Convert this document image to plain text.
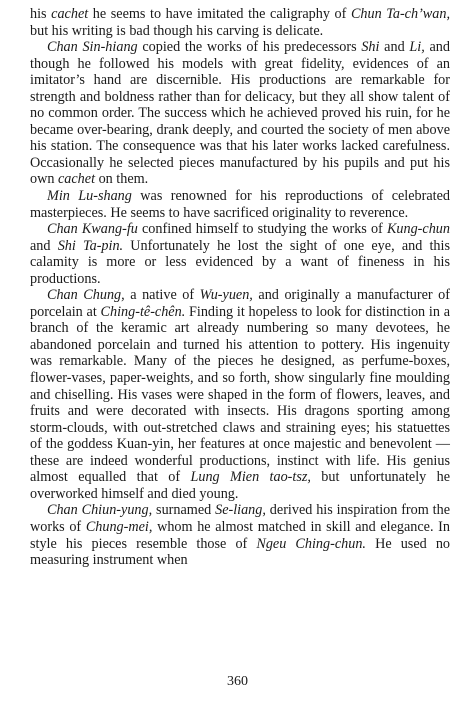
his cachet he seems to have imitated the caligraphy of Chun Ta-ch’wan, but his writing is bad though his carving is delicate.

Chan Sin-hiang copied the works of his predecessors Shi and Li, and though he followed his models with great fidelity, evidences of an imitator’s hand are discernible. His productions are remarkable for strength and boldness rather than for delicacy, but they all show talent of no common order. The success which he achieved proved his ruin, for he became over-bearing, drank deeply, and courted the society of men above his station. The consequence was that his later works lacked carefulness. Occasionally he selected pieces manufactured by his pupils and put his own cachet on them.

Min Lu-shang was renowned for his reproductions of celebrated masterpieces. He seems to have sacrificed originality to reverence.

Chan Kwang-fu confined himself to studying the works of Kung-chun and Shi Ta-pin. Unfortunately he lost the sight of one eye, and this calamity is more or less evidenced by a want of fineness in his productions.

Chan Chung, a native of Wu-yuen, and originally a manufacturer of porcelain at Ching-tê-chên. Finding it hopeless to look for distinction in a branch of the keramic art already numbering so many devotees, he abandoned porcelain and turned his attention to pottery. His ingenuity was remarkable. Many of the pieces he designed, as perfume-boxes, flower-vases, paper-weights, and so forth, show singularly fine moulding and chiselling. His vases were shaped in the form of flowers, leaves, and fruits and were decorated with insects. His dragons sporting among storm-clouds, with out-stretched claws and straining eyes; his statuettes of the goddess Kuan-yin, her features at once majestic and benevolent — these are indeed wonderful productions, instinct with life. His genius almost equalled that of Lung Mien tao-tsz, but unfortunately he overworked himself and died young.

Chan Chiun-yung, surnamed Se-liang, derived his inspiration from the works of Chung-mei, whom he almost matched in skill and elegance. In style his pieces resemble those of Ngeu Ching-chun. He used no measuring instrument when

360
